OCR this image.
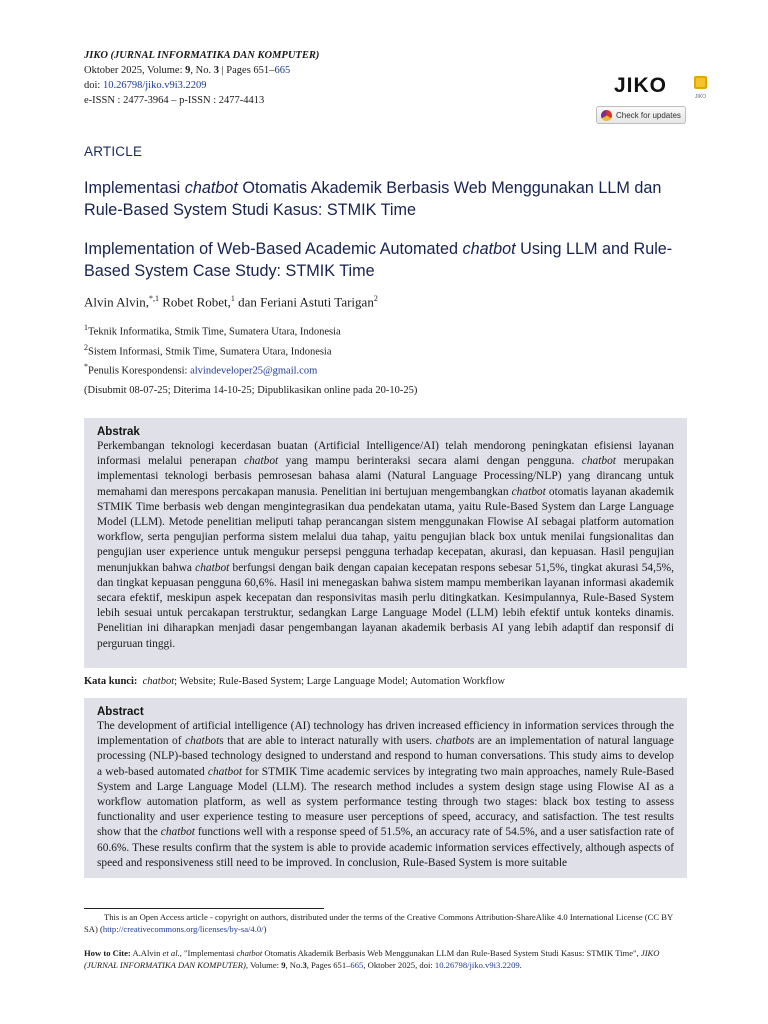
JIKO (JURNAL INFORMATIKA DAN KOMPUTER)
Oktober 2025, Volume: 9, No. 3 | Pages 651–665
doi: 10.26798/jiko.v9i3.2209
e-ISSN : 2477-3964 – p-ISSN : 2477-4413
JIKO	JIKO
Check for updates
ARTICLE
Implementasi chatbot Otomatis Akademik Berbasis Web Menggunakan LLM dan Rule-Based System Studi Kasus: STMIK Time
Implementation of Web-Based Academic Automated chatbot Using LLM and Rule-Based System Case Study: STMIK Time
Alvin Alvin,$^{*,1}$ Robet Robet,$^1$ dan Feriani Astuti Tarigan$^2$
$^1$Teknik Informatika, Stmik Time, Sumatera Utara, Indonesia
$^2$Sistem Informasi, Stmik Time, Sumatera Utara, Indonesia
*Penulis Korespondensi: alvindeveloper25@gmail.com
(Disubmit 08-07-25; Diterima 14-10-25; Dipublikasikan online pada 20-10-25)
Abstrak
Perkembangan teknologi kecerdasan buatan (Artificial Intelligence/AI) telah mendorong peningkatan efisiensi layanan informasi melalui penerapan chatbot yang mampu berinteraksi secara alami dengan pengguna. chatbot merupakan implementasi teknologi berbasis pemrosesan bahasa alami (Natural Language Processing/NLP) yang dirancang untuk memahami dan merespons percakapan manusia. Penelitian ini bertujuan mengembangkan chatbot otomatis layanan akademik STMIK Time berbasis web dengan mengintegrasikan dua pendekatan utama, yaitu Rule-Based System dan Large Language Model (LLM). Metode penelitian meliputi tahap perancangan sistem menggunakan Flowise AI sebagai platform automation workflow, serta pengujian performa sistem melalui dua tahap, yaitu pengujian black box untuk menilai fungsionalitas dan pengujian user experience untuk mengukur persepsi pengguna terhadap kecepatan, akurasi, dan kepuasan. Hasil pengujian menunjukkan bahwa chatbot berfungsi dengan baik dengan capaian kecepatan respons sebesar 51,5%, tingkat akurasi 54,5%, dan tingkat kepuasan pengguna 60,6%. Hasil ini menegaskan bahwa sistem mampu memberikan layanan informasi akademik secara efektif, meskipun aspek kecepatan dan responsivitas masih perlu ditingkatkan. Kesimpulannya, Rule-Based System lebih sesuai untuk percakapan terstruktur, sedangkan Large Language Model (LLM) lebih efektif untuk konteks dinamis. Penelitian ini diharapkan menjadi dasar pengembangan layanan akademik berbasis AI yang lebih adaptif dan responsif di perguruan tinggi.
Kata kunci: chatbot; Website; Rule-Based System; Large Language Model; Automation Workflow
Abstract
The development of artificial intelligence (AI) technology has driven increased efficiency in information services through the implementation of chatbots that are able to interact naturally with users. chatbots are an implementation of natural language processing (NLP)-based technology designed to understand and respond to human conversations. This study aims to develop a web-based automated chatbot for STMIK Time academic services by integrating two main approaches, namely Rule-Based System and Large Language Model (LLM). The research method includes a system design stage using Flowise AI as a workflow automation platform, as well as system performance testing through two stages: black box testing to assess functionality and user experience testing to measure user perceptions of speed, accuracy, and satisfaction. The test results show that the chatbot functions well with a response speed of 51.5%, an accuracy rate of 54.5%, and a user satisfaction rate of 60.6%. These results confirm that the system is able to provide academic information services effectively, although aspects of speed and responsiveness still need to be improved. In conclusion, Rule-Based System is more suitable
This is an Open Access article - copyright on authors, distributed under the terms of the Creative Commons Attribution-ShareAlike 4.0 International License (CC BY SA) (http://creativecommons.org/licenses/by-sa/4.0/)
How to Cite: A.Alvin et al., "Implementasi chatbot Otomatis Akademik Berbasis Web Menggunakan LLM dan Rule-Based System Studi Kasus: STMIK Time", JIKO (JURNAL INFORMATIKA DAN KOMPUTER), Volume: 9, No.3, Pages 651–665, Oktober 2025, doi: 10.26798/jiko.v9i3.2209.
